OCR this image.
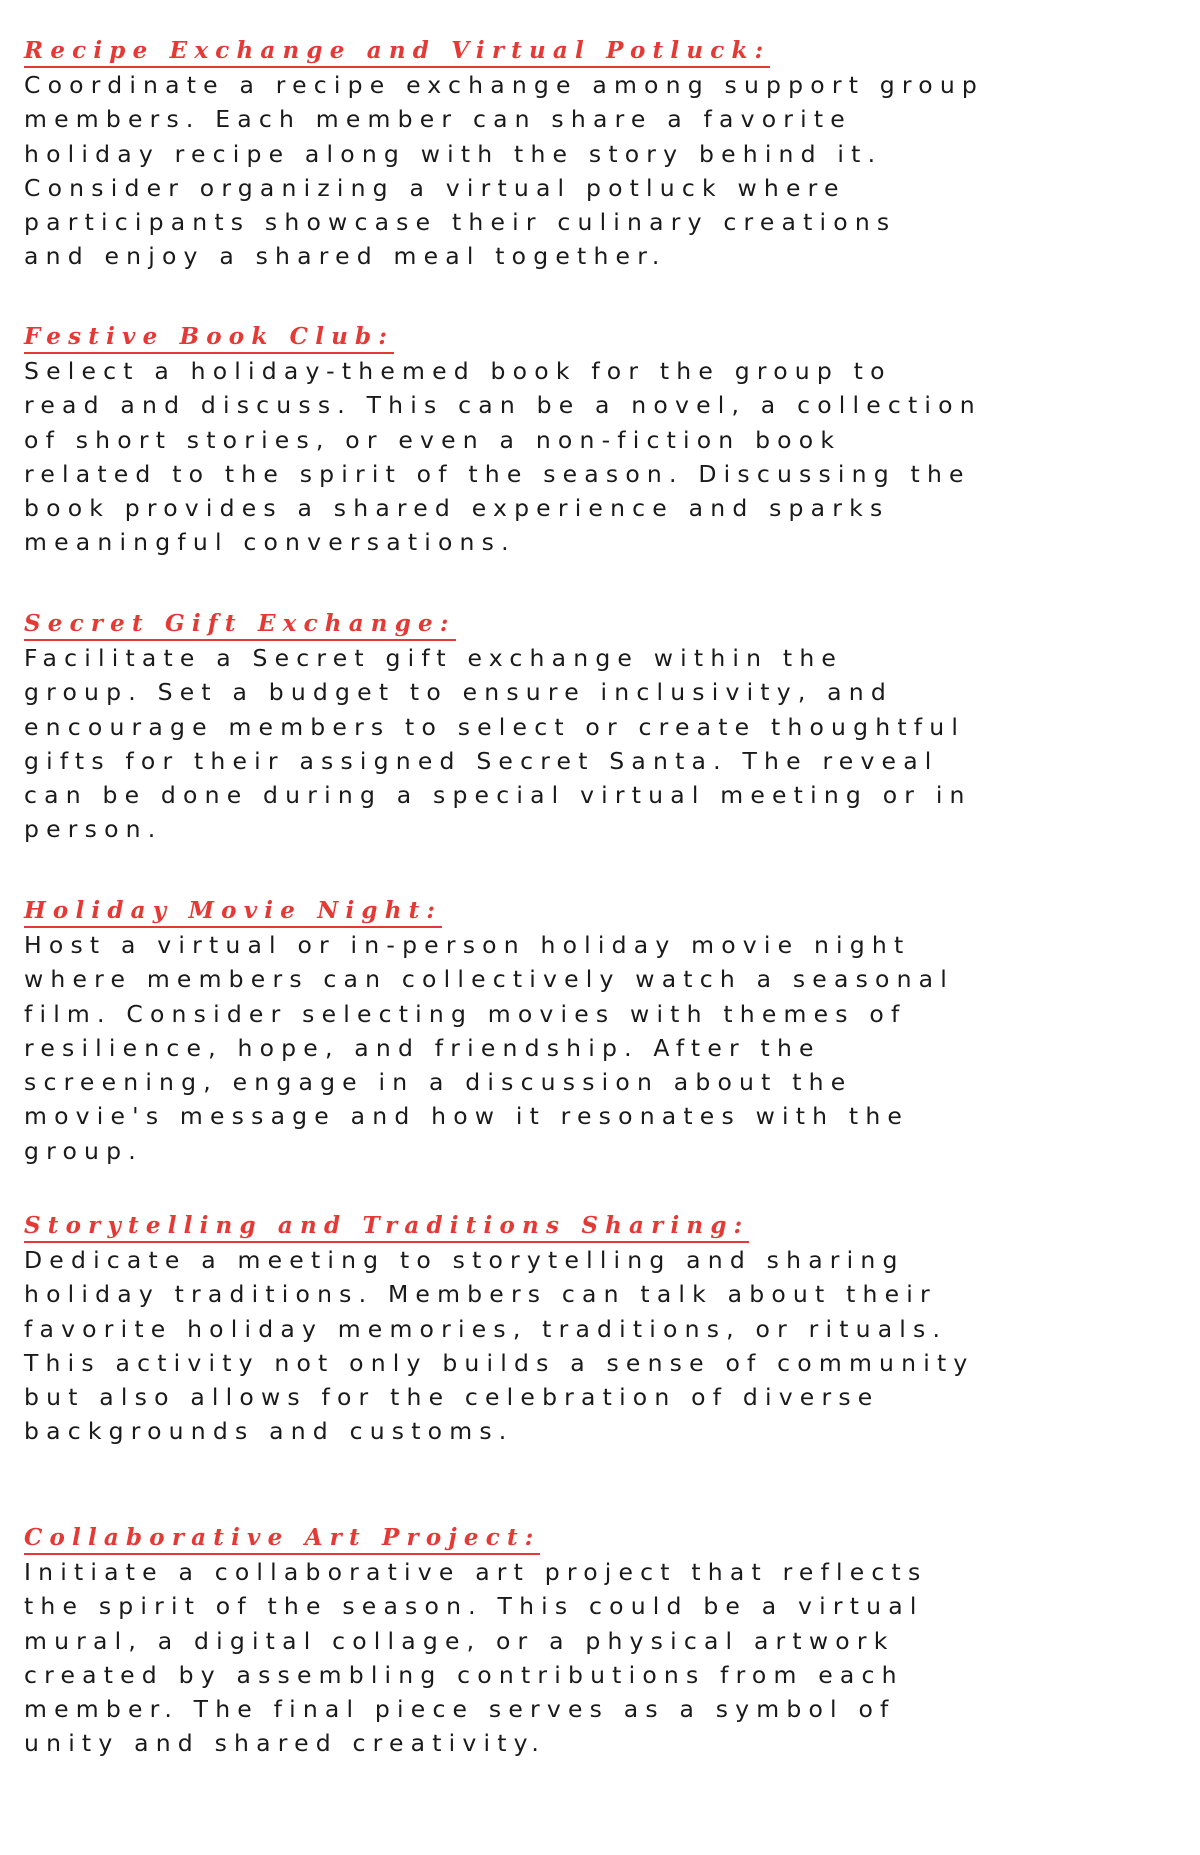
Recipe Exchange and Virtual Potluck:

Coordinate a recipe exchange among support group
members. Each member can share a favorite
holiday recipe along with the story behind it.
Consider organizing a virtual potluck where
participants showcase their culinary creations
and enjoy a shared meal together.

Festive Book Club:

Select a holiday-themed book for the group to
read and discuss. This can be a novel, a collection
of short stories, or even a non-fiction book
related to the spirit of the season. Discussing the
book provides a shared experience and sparks
meaningful conversations.

Secret Gift Exchange:

Facilitate a Secret gift exchange within the
group. Set a budget to ensure inclusivity, and
encourage members to select or create thoughtful
gifts for their assigned Secret Santa. The reveal
can be done during a special virtual meeting or in
person.

Holiday Movie Night:

Host a virtual or in-person holiday movie night
where members can collectively watch a seasonal
film. Consider selecting movies with themes of
resilience, hope, and friendship. After the
screening, engage in a discussion about the
movie's message and how it resonates with the
group.

Storytelling and Traditions Sharing:

Dedicate a meeting to storytelling and sharing
holiday traditions. Members can talk about their
favorite holiday memories, traditions, or rituals.
This activity not only builds a sense of community
but also allows for the celebration of diverse
backgrounds and customs.

Collaborative Art Project:

Initiate a collaborative art project that reflects
the spirit of the season. This could be a virtual
mural, a digital collage, or a physical artwork
created by assembling contributions from each
member. The final piece serves as a symbol of
unity and shared creativity.
